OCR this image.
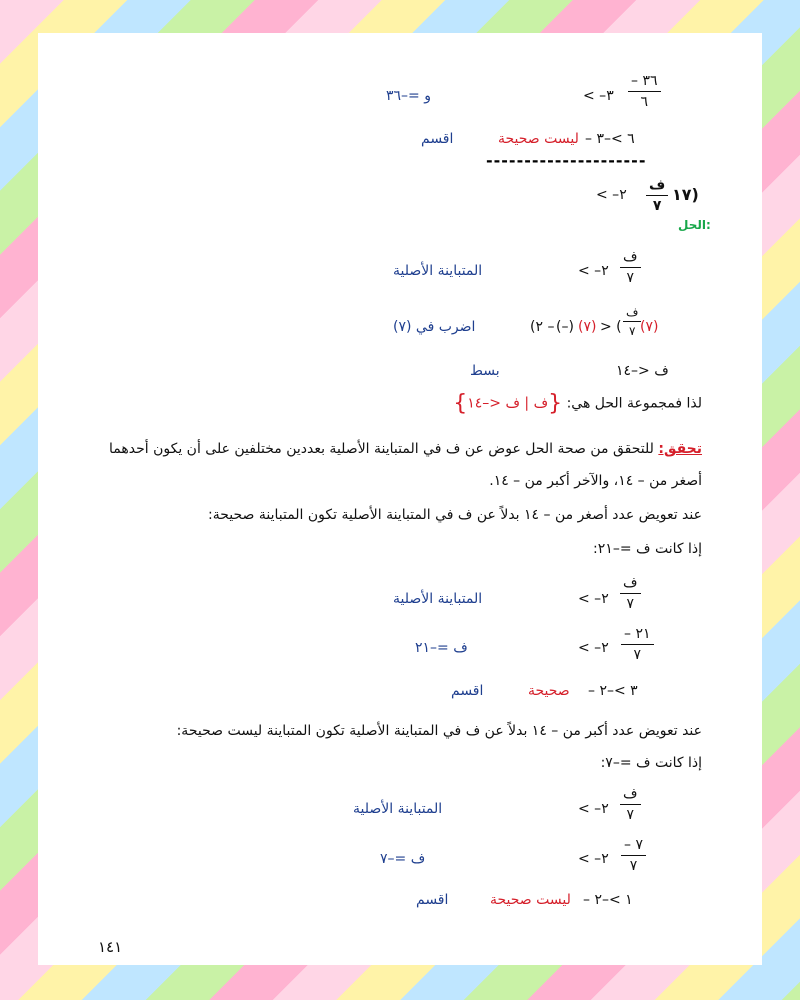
– ٣٦
٦
< –٣
و =–٣٦
– ٦ >–٣
ليست صحيحة
اقسم
---------------------
١٧)
ف
٧
< –٢
الحل:
ف
٧
< –٢
المتباينة الأصلية
(٧)
ف
٧
> (
(٧)
(–)
(٢ –
اضرب في (٧)
ف <–١٤
بسط
لذا فمجموعة الحل هي: {ف | ف <–١٤}
تحقق: للتحقق من صحة الحل عوض عن ف في المتباينة الأصلية بعددين مختلفين على أن يكون أحدهما
أصغر من – ١٤، والآخر أكبر من – ١٤.
عند تعويض عدد أصغر من – ١٤ بدلاً عن ف في المتباينة الأصلية تكون المتباينة صحيحة:
إذا كانت ف =–٢١:
ف
٧
< –٢
المتباينة الأصلية
– ٢١
٧
< –٢
ف =–٢١
– ٣ >–٢
صحيحة
اقسم
عند تعويض عدد أكبر من – ١٤ بدلاً عن ف في المتباينة الأصلية تكون المتباينة ليست صحيحة:
إذا كانت ف =–٧:
ف
٧
< –٢
المتباينة الأصلية
– ٧
٧
< –٢
ف =–٧
– ١ >–٢
ليست صحيحة
اقسم
١٤١
